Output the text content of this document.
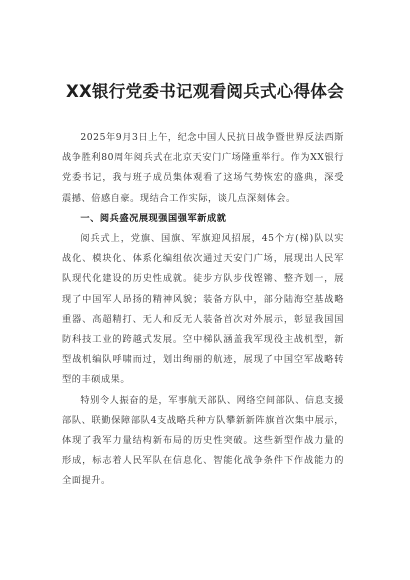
XX银行党委书记观看阅兵式心得体会

2025年9月3日上午，纪念中国人民抗日战争暨世界反法西斯战争胜利80周年阅兵式在北京天安门广场隆重举行。作为XX银行党委书记，我与班子成员集体观看了这场气势恢宏的盛典，深受震撼、倍感自豪。现结合工作实际，谈几点深刻体会。

一、阅兵盛况展现强国强军新成就

阅兵式上，党旗、国旗、军旗迎风招展，45个方(梯)队以实战化、模块化、体系化编组依次通过天安门广场，展现出人民军队现代化建设的历史性成就。徒步方队步伐铿锵、整齐划一，展现了中国军人昂扬的精神风貌；装备方队中，部分陆海空基战略重器、高超精打、无人和反无人装备首次对外展示，彰显我国国防科技工业的跨越式发展。空中梯队涵盖我军现役主战机型，新型战机编队呼啸而过，划出绚丽的航迹，展现了中国空军战略转型的丰硕成果。

特别令人振奋的是，军事航天部队、网络空间部队、信息支援部队、联勤保障部队4支战略兵种方队攀新新阵旗首次集中展示，体现了我军力量结构新布局的历史性突破。这些新型作战力量的形成，标志着人民军队在信息化、智能化战争条件下作战能力的全面提升。
